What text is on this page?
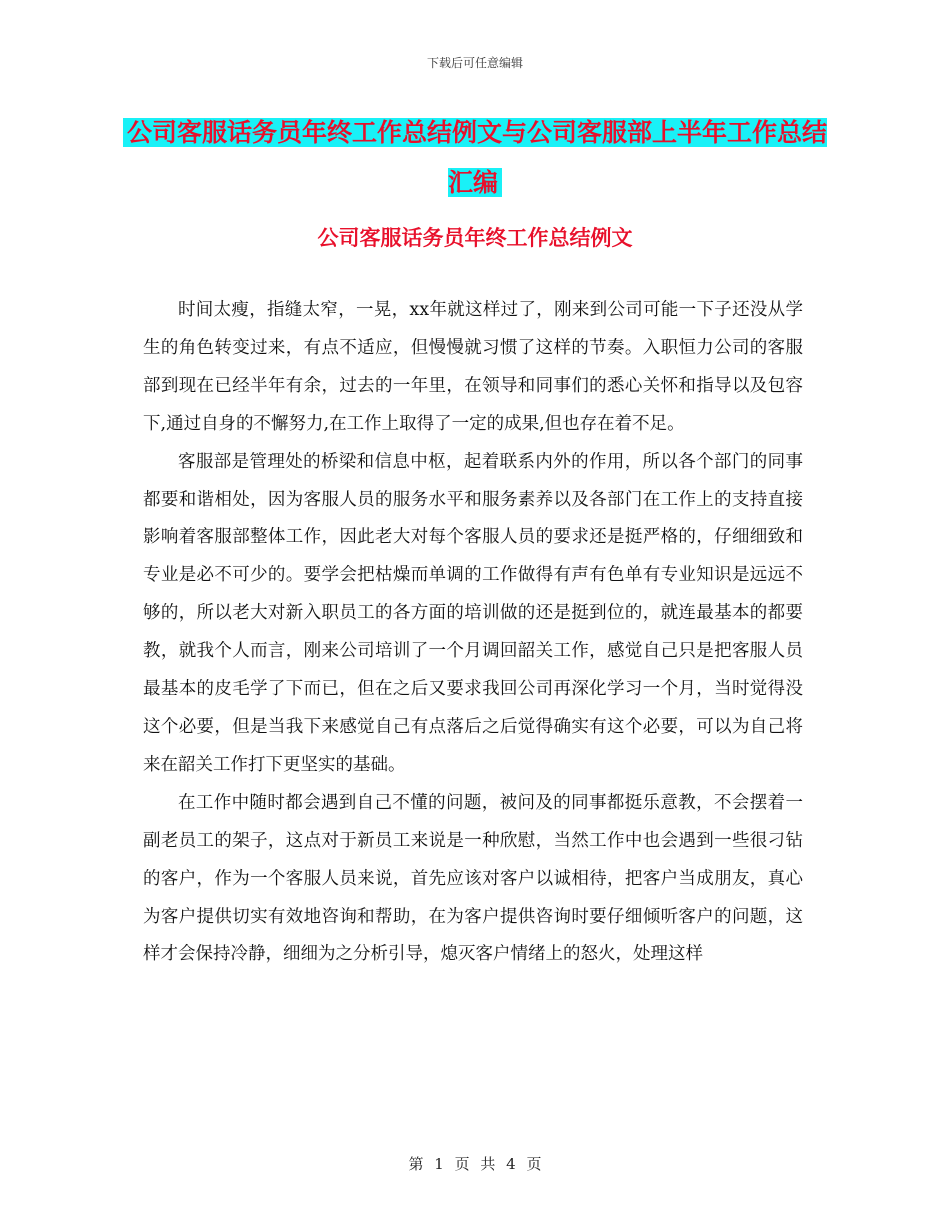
下载后可任意编辑
公司客服话务员年终工作总结例文与公司客服部上半年工作总结汇编
公司客服话务员年终工作总结例文

时间太瘦，指缝太窄，一晃，xx年就这样过了，刚来到公司可能一下子还没从学生的角色转变过来，有点不适应，但慢慢就习惯了这样的节奏。入职恒力公司的客服部到现在已经半年有余，过去的一年里，在领导和同事们的悉心关怀和指导以及包容下,通过自身的不懈努力,在工作上取得了一定的成果,但也存在着不足。

客服部是管理处的桥梁和信息中枢，起着联系内外的作用，所以各个部门的同事都要和谐相处，因为客服人员的服务水平和服务素养以及各部门在工作上的支持直接影响着客服部整体工作，因此老大对每个客服人员的要求还是挺严格的，仔细细致和专业是必不可少的。要学会把枯燥而单调的工作做得有声有色单有专业知识是远远不够的，所以老大对新入职员工的各方面的培训做的还是挺到位的，就连最基本的都要教，就我个人而言，刚来公司培训了一个月调回韶关工作，感觉自己只是把客服人员最基本的皮毛学了下而已，但在之后又要求我回公司再深化学习一个月，当时觉得没这个必要，但是当我下来感觉自己有点落后之后觉得确实有这个必要，可以为自己将来在韶关工作打下更坚实的基础。

在工作中随时都会遇到自己不懂的问题，被问及的同事都挺乐意教，不会摆着一副老员工的架子，这点对于新员工来说是一种欣慰，当然工作中也会遇到一些很刁钻的客户，作为一个客服人员来说，首先应该对客户以诚相待，把客户当成朋友，真心为客户提供切实有效地咨询和帮助，在为客户提供咨询时要仔细倾听客户的问题，这样才会保持冷静，细细为之分析引导，熄灭客户情绪上的怒火，处理这样

第 1 页 共 4 页
